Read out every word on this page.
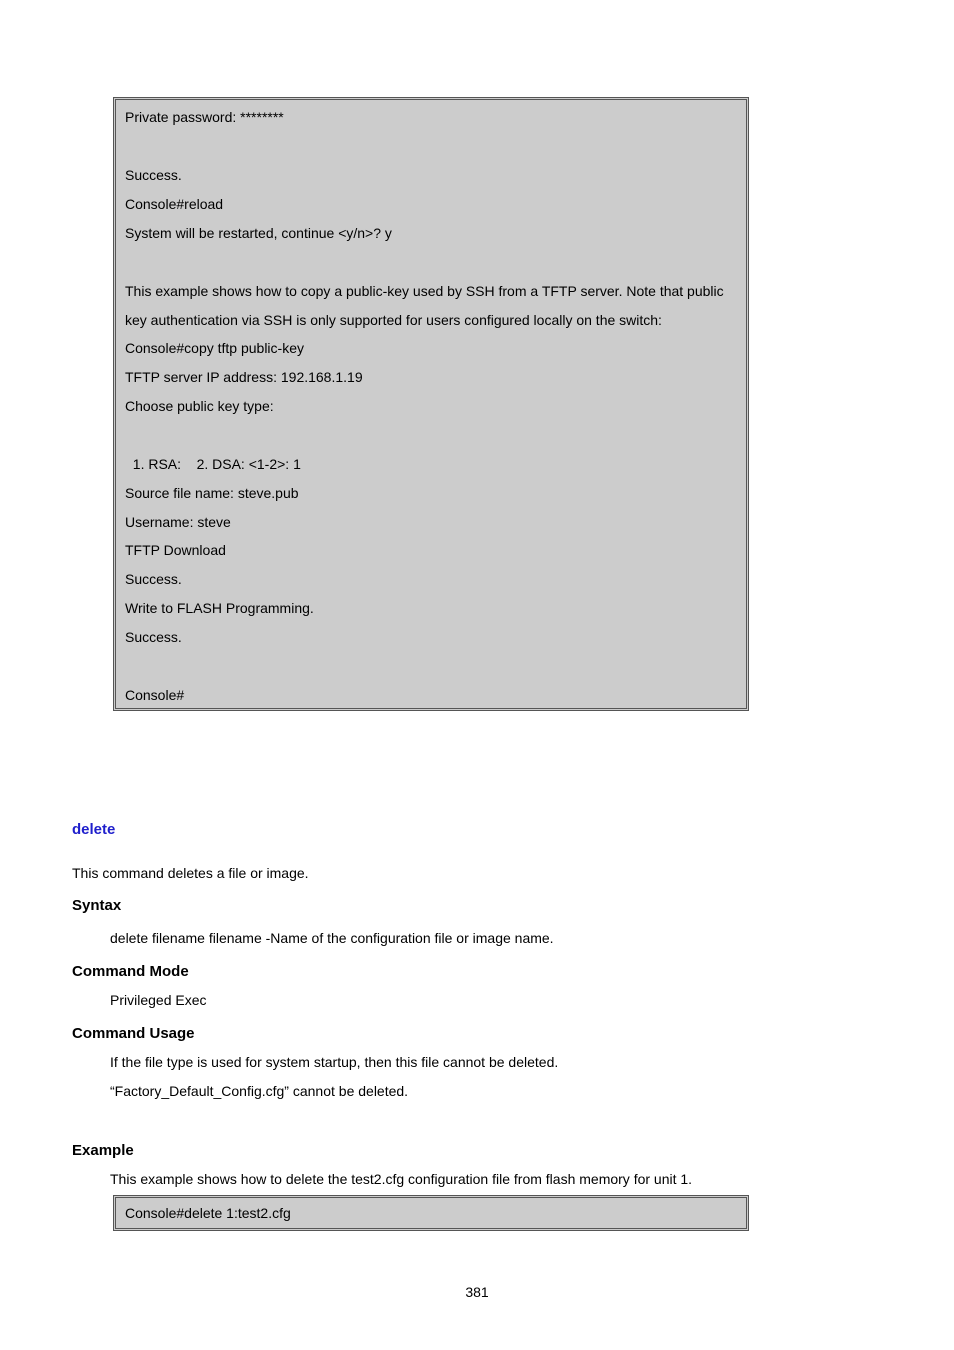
Private password: ********
Success.
Console#reload
System will be restarted, continue <y/n>? y
This example shows how to copy a public-key used by SSH from a TFTP server. Note that public
key authentication via SSH is only supported for users configured locally on the switch:
Console#copy tftp public-key
TFTP server IP address: 192.168.1.19
Choose public key type:
1. RSA:    2. DSA: <1-2>: 1
Source file name: steve.pub
Username: steve
TFTP Download
Success.
Write to FLASH Programming.
Success.
Console#
delete
This command deletes a file or image.
Syntax
delete filename filename -Name of the configuration file or image name.
Command Mode
Privileged Exec
Command Usage
If the file type is used for system startup, then this file cannot be deleted.
“Factory_Default_Config.cfg” cannot be deleted.
Example
This example shows how to delete the test2.cfg configuration file from flash memory for unit 1.
Console#delete 1:test2.cfg
381
